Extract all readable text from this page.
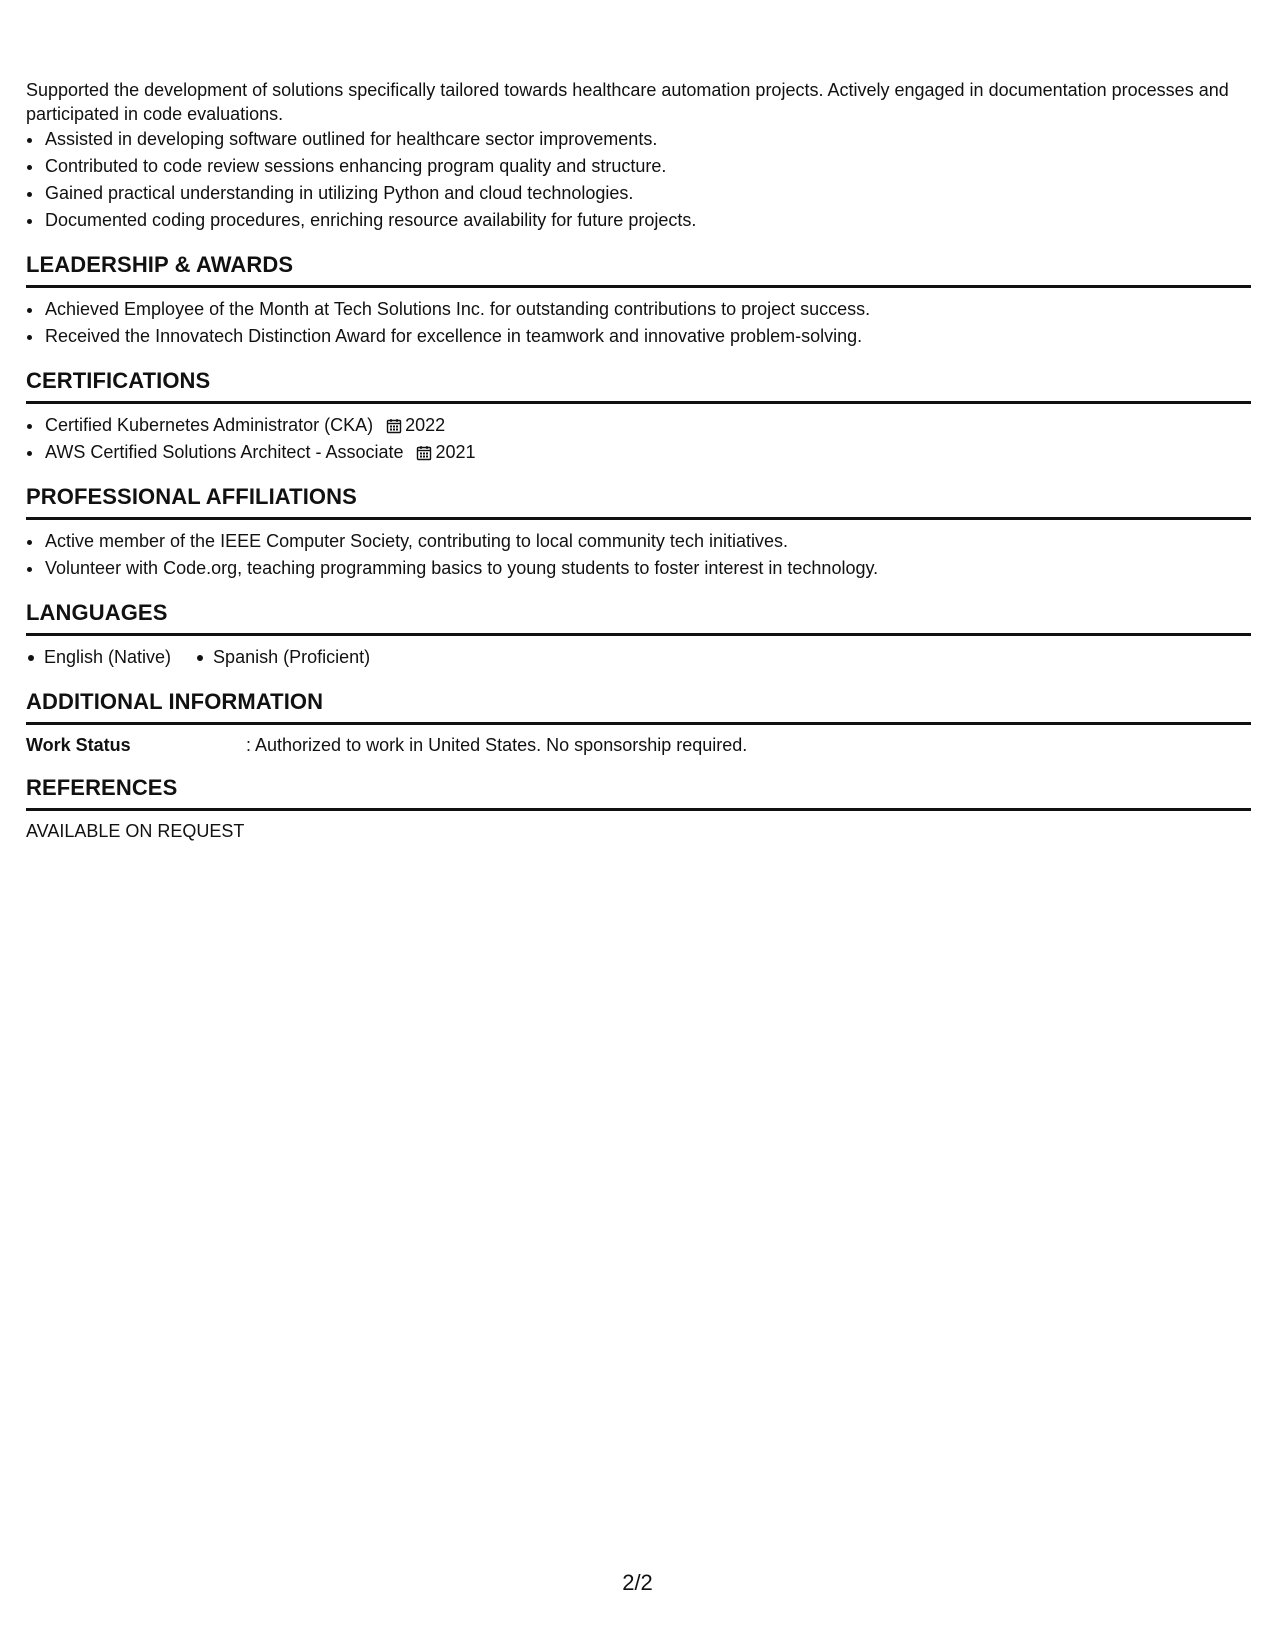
Supported the development of solutions specifically tailored towards healthcare automation projects. Actively engaged in documentation processes and participated in code evaluations.

• Assisted in developing software outlined for healthcare sector improvements.
• Contributed to code review sessions enhancing program quality and structure.
• Gained practical understanding in utilizing Python and cloud technologies.
• Documented coding procedures, enriching resource availability for future projects.
LEADERSHIP & AWARDS
• Achieved Employee of the Month at Tech Solutions Inc. for outstanding contributions to project success.
• Received the Innovatech Distinction Award for excellence in teamwork and innovative problem-solving.
CERTIFICATIONS
• Certified Kubernetes Administrator (CKA) 2022
• AWS Certified Solutions Architect - Associate 2021
PROFESSIONAL AFFILIATIONS
• Active member of the IEEE Computer Society, contributing to local community tech initiatives.
• Volunteer with Code.org, teaching programming basics to young students to foster interest in technology.
LANGUAGES
English (Native)	Spanish (Proficient)
ADDITIONAL INFORMATION
Work Status	: Authorized to work in United States. No sponsorship required.
REFERENCES

AVAILABLE ON REQUEST

2/2
